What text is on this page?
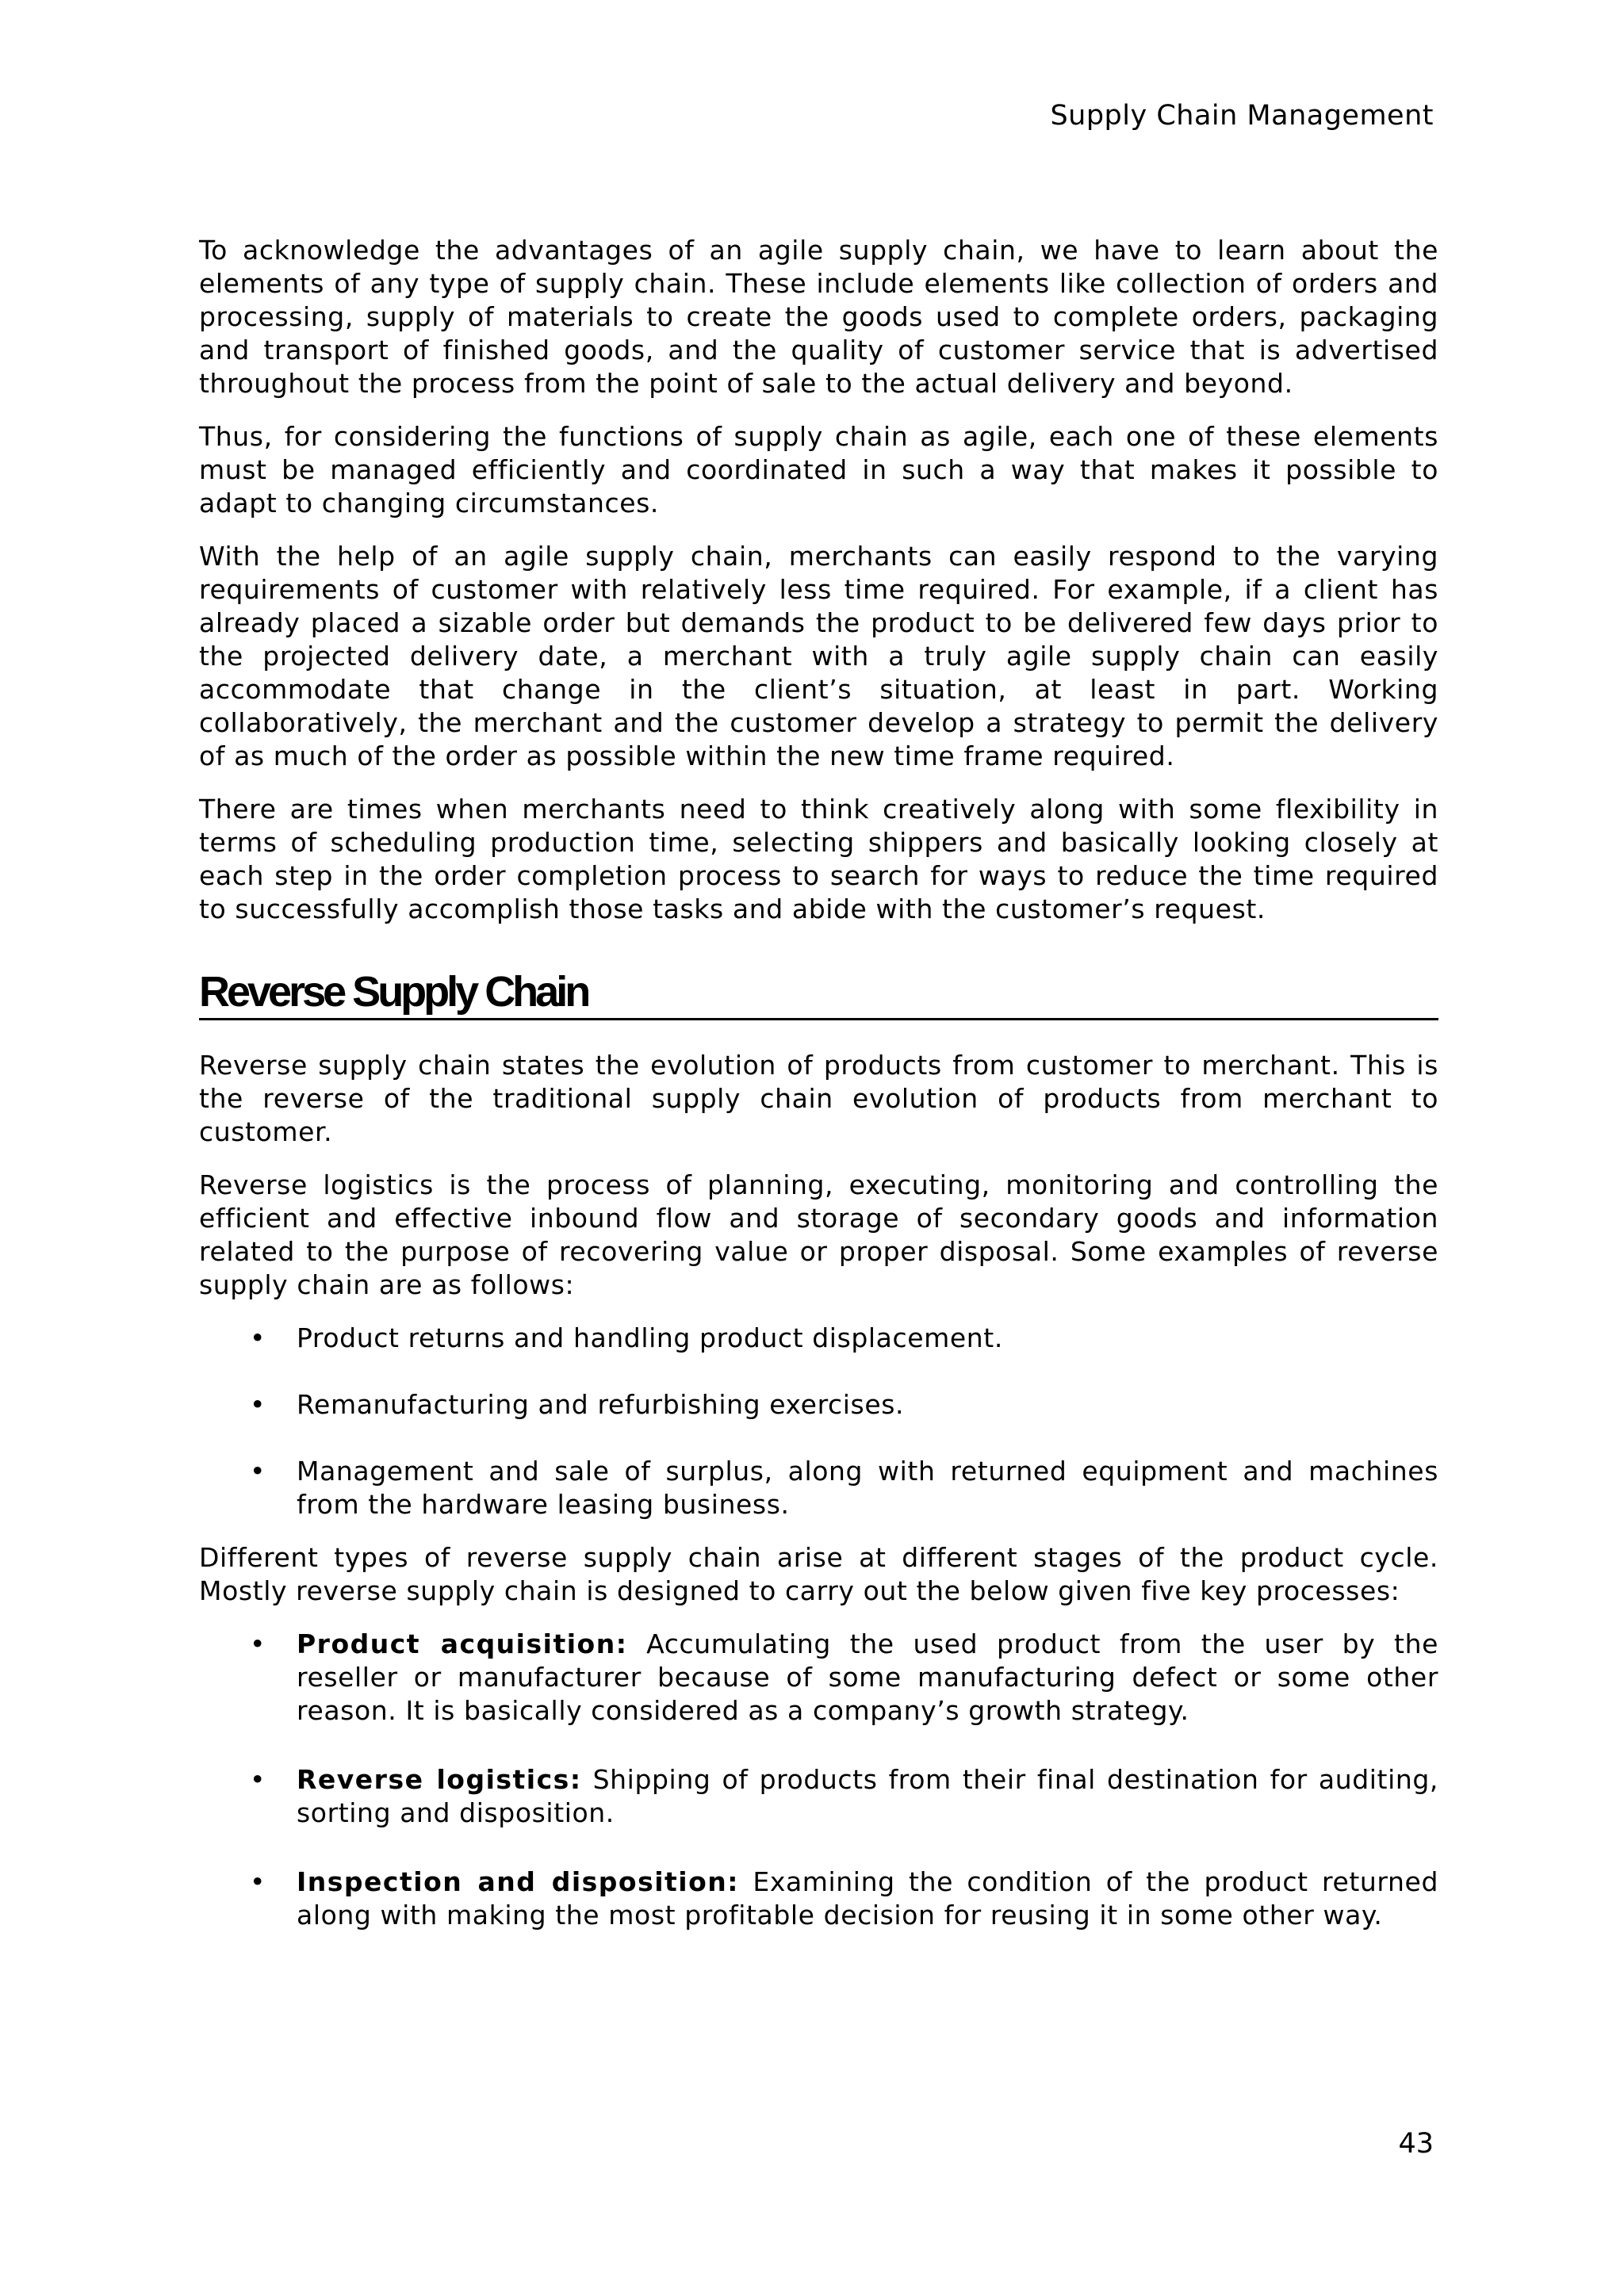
Supply Chain Management

To acknowledge the advantages of an agile supply chain, we have to learn about the elements of any type of supply chain. These include elements like collection of orders and processing, supply of materials to create the goods used to complete orders, packaging and transport of finished goods, and the quality of customer service that is advertised throughout the process from the point of sale to the actual delivery and beyond.

Thus, for considering the functions of supply chain as agile, each one of these elements must be managed efficiently and coordinated in such a way that makes it possible to adapt to changing circumstances.

With the help of an agile supply chain, merchants can easily respond to the varying requirements of customer with relatively less time required. For example, if a client has already placed a sizable order but demands the product to be delivered few days prior to the projected delivery date, a merchant with a truly agile supply chain can easily accommodate that change in the client’s situation, at least in part. Working collaboratively, the merchant and the customer develop a strategy to permit the delivery of as much of the order as possible within the new time frame required.

There are times when merchants need to think creatively along with some flexibility in terms of scheduling production time, selecting shippers and basically looking closely at each step in the order completion process to search for ways to reduce the time required to successfully accomplish those tasks and abide with the customer’s request.

Reverse Supply Chain

Reverse supply chain states the evolution of products from customer to merchant. This is the reverse of the traditional supply chain evolution of products from merchant to customer.

Reverse logistics is the process of planning, executing, monitoring and controlling the efficient and effective inbound flow and storage of secondary goods and information related to the purpose of recovering value or proper disposal. Some examples of reverse supply chain are as follows:

• Product returns and handling product displacement.
• Remanufacturing and refurbishing exercises.
• Management and sale of surplus, along with returned equipment and machines from the hardware leasing business.

Different types of reverse supply chain arise at different stages of the product cycle. Mostly reverse supply chain is designed to carry out the below given five key processes:

• Product acquisition: Accumulating the used product from the user by the reseller or manufacturer because of some manufacturing defect or some other reason. It is basically considered as a company’s growth strategy.
• Reverse logistics: Shipping of products from their final destination for auditing, sorting and disposition.
• Inspection and disposition: Examining the condition of the product returned along with making the most profitable decision for reusing it in some other way.
43
